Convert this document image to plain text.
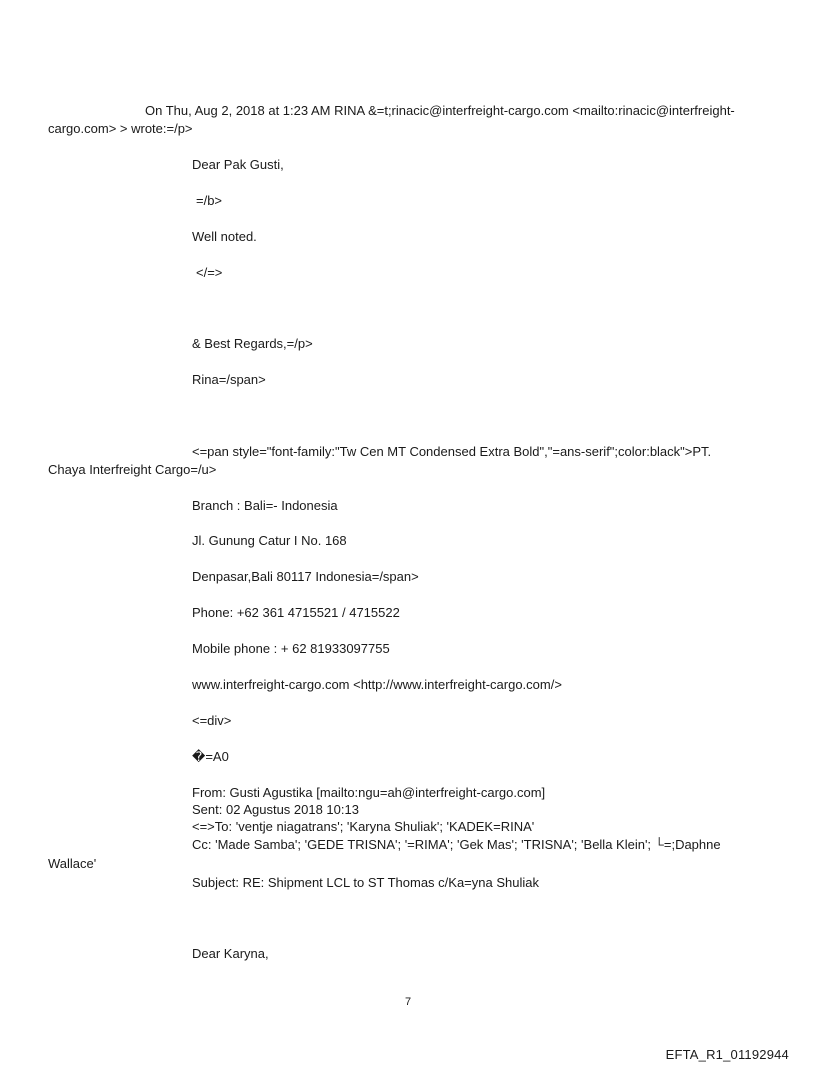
On Thu, Aug 2, 2018 at 1:23 AM RINA &=t;rinacic@interfreight-cargo.com <mailto:rinacic@interfreight-
cargo.com> > wrote:=/p>
Dear Pak Gusti,
=/b>
Well noted.
</=>
& Best Regards,=/p>
Rina=/span>
<=pan style="font-family:"Tw Cen MT Condensed Extra Bold","=ans-serif";color:black">PT.
Chaya Interfreight Cargo=/u>
Branch : Bali=- Indonesia
Jl. Gunung Catur I No. 168
Denpasar,Bali 80117 Indonesia=/span>
Phone: +62 361 4715521 / 4715522
Mobile phone : + 62 81933097755
www.interfreight-cargo.com <http://www.interfreight-cargo.com/>
<=div>
�=A0
From: Gusti Agustika [mailto:ngu=ah@interfreight-cargo.com]
Sent: 02 Agustus 2018 10:13
<=>To: 'ventje niagatrans'; 'Karyna Shuliak'; 'KADEK=RINA'
Cc: 'Made Samba'; 'GEDE TRISNA'; '=RIMA'; 'Gek Mas'; 'TRISNA'; 'Bella Klein'; └=;Daphne
Wallace'
Subject: RE: Shipment LCL to ST Thomas c/Ka=yna Shuliak
Dear Karyna,
7
EFTA_R1_01192944
